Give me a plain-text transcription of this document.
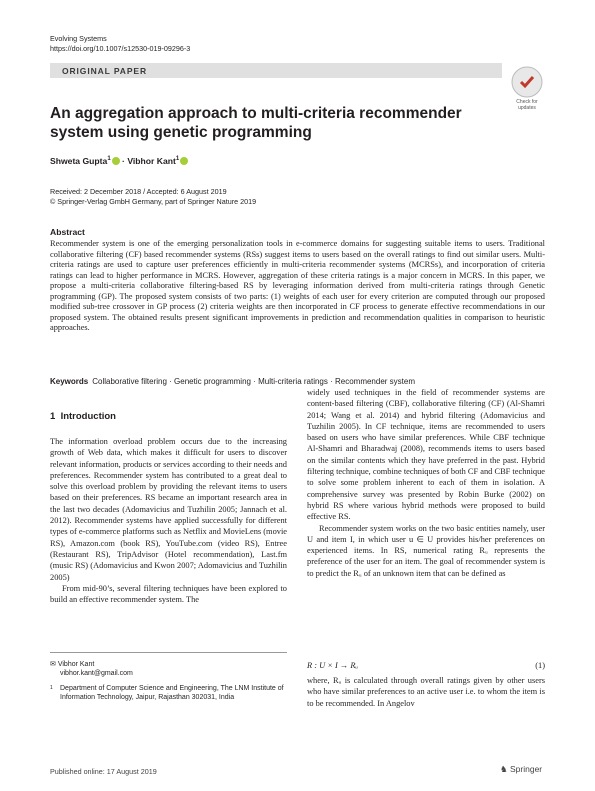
Evolving Systems
https://doi.org/10.1007/s12530-019-09296-3
ORIGINAL PAPER
Check for updates
An aggregation approach to multi-criteria recommender system using genetic programming
Shweta Gupta$^1$ · Vibhor Kant$^1$
Received: 2 December 2018 / Accepted: 6 August 2019
© Springer-Verlag GmbH Germany, part of Springer Nature 2019
Abstract
Recommender system is one of the emerging personalization tools in e-commerce domains for suggesting suitable items to users. Traditional collaborative filtering (CF) based recommender systems (RSs) suggest items to users based on the overall ratings to find out similar users. Multi-criteria ratings are used to capture user preferences efficiently in multi-criteria recommender systems (MCRSs), and incorporation of criteria ratings can lead to higher performance in MCRS. However, aggregation of these criteria ratings is a major concern in MCRS. In this paper, we propose a multi-criteria collaborative filtering-based RS by leveraging information derived from multi-criteria ratings through Genetic programming (GP). The proposed system consists of two parts: (1) weights of each user for every criterion are computed through our proposed modified sub-tree crossover in GP process (2) criteria weights are then incorporated in CF process to generate effective recommendations in our proposed system. The obtained results present significant improvements in prediction and recommendation qualities in comparison to heuristic approaches.
Keywords Collaborative filtering · Genetic programming · Multi-criteria ratings · Recommender system
1 Introduction
The information overload problem occurs due to the increasing growth of Web data, which makes it difficult for users to discover relevant information, products or services according to their needs and preferences. Recommender system has contributed to a great deal to solve this overload problem by providing the relevant items to users based on their preferences. RS became an important research area in the last two decades (Adomavicius and Tuzhilin 2005; Jannach et al. 2012). Recommender systems have applied successfully for different types of e-commerce platforms such as Netflix and MovieLens (movie RS), Amazon.com (book RS), YouTube.com (video RS), Entree (Restaurant RS), TripAdvisor (Hotel recommendation), Last.fm (music RS) (Adomavicius and Kwon 2007; Adomavicius and Tuzhilin 2005)
From mid-90’s, several filtering techniques have been explored to build an effective recommender system. The
widely used techniques in the field of recommender systems are content-based filtering (CBF), collaborative filtering (CF) (Al-Shamri 2014; Wang et al. 2014) and hybrid filtering (Adomavicius and Tuzhilin 2005). In CF technique, items are recommended to users based on users who have similar preferences. While CBF technique Al-Shamri and Bharadwaj (2008), recommends items to users based on the similar contents which they have preferred in the past. Hybrid filtering technique, combine techniques of both CF and CBF technique to solve some problem inherent to each of them in isolation. A comprehensive survey was presented by Robin Burke (2002) on hybrid RS where various hybrid methods were proposed to build effective RS.
Recommender system works on the two basic entities namely, user U and item I, in which user u ∈ U provides his/her preferences on experienced items. In RS, numerical rating Rᵤ represents the preference of the user for an item. The goal of recommender system is to predict the Rᵤ of an unknown item that can be defined as
R : U × I → Rᵤ	(1)
where, Rᵤ is calculated through overall ratings given by other users who have similar preferences to an active user i.e. to whom the item is to be recommended. In Angelov
✉ Vibhor Kant
vibhor.kant@gmail.com
1	Department of Computer Science and Engineering, The LNM Institute of Information Technology, Jaipur, Rajasthan 302031, India
Published online: 17 August 2019	♞ Springer
